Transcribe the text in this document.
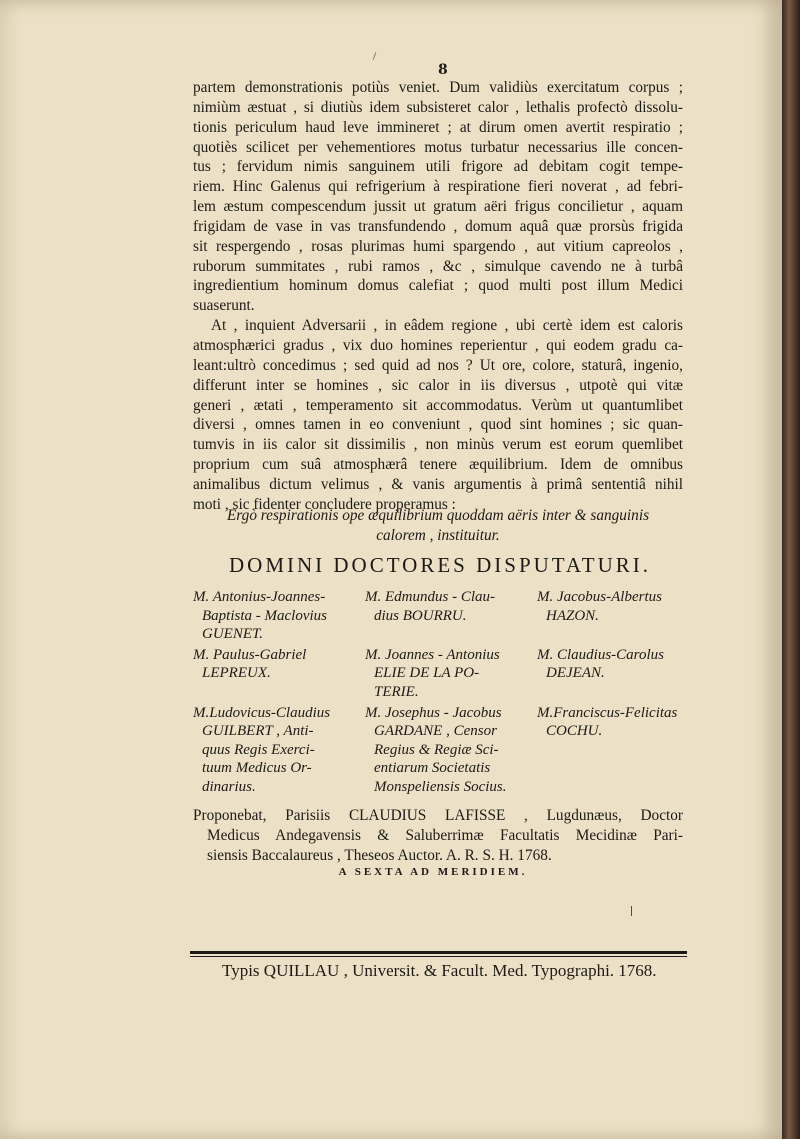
8
partem demonstrationis potiùs veniet. Dum validiùs exercitatum corpus ;
nimiùm æstuat , si diutiùs idem subsisteret calor , lethalis profectò dissolu-
tionis periculum haud leve immineret ; at dirum omen avertit respiratio ;
quotiès scilicet per vehementiores motus turbatur necessarius ille concen-
tus ; fervidum nimis sanguinem utili frigore ad debitam cogit tempe-
riem. Hinc Galenus qui refrigerium à respiratione fieri noverat , ad febri-
lem æstum compescendum jussit ut gratum aëri frigus concilietur , aquam
frigidam de vase in vas transfundendo , domum aquâ quæ prorsùs frigida
sit respergendo , rosas plurimas humi spargendo , aut vitium capreolos ,
ruborum summitates , rubi ramos , &c , simulque cavendo ne à turbâ
ingredientium hominum domus calefiat ; quod multi post illum Medici
suaserunt.
At , inquient Adversarii , in eâdem regione , ubi certè idem est caloris
atmosphærici gradus , vix duo homines reperientur , qui eodem gradu ca-
leant:ultrò concedimus ; sed quid ad nos ? Ut ore, colore, staturâ, ingenio,
differunt inter se homines , sic calor in iis diversus , utpotè qui vitæ
generi , ætati , temperamento sit accommodatus. Verùm ut quantumlibet
diversi , omnes tamen in eo conveniunt , quod sint homines ; sic quan-
tumvis in iis calor sit dissimilis , non minùs verum est eorum quemlibet
proprium cum suâ atmosphærâ tenere æquilibrium. Idem de omnibus
animalibus dictum velimus , & vanis argumentis à primâ sententiâ nihil
moti , sic fidenter concludere properamus :
Ergò respirationis ope æquilibrium quoddam aëris inter & sanguinis
calorem , instituitur.
DOMINI DOCTORES DISPUTATURI.
M. Antonius-Joannes-
Baptista - Maclovius
GUENET.
M. Edmundus - Clau-
dius BOURRU.
M. Jacobus-Albertus
HAZON.
M. Paulus-Gabriel
LEPREUX.
M. Joannes - Antonius
ELIE DE LA PO-
TERIE.
M. Claudius-Carolus
DEJEAN.
M.Ludovicus-Claudius
GUILBERT , Anti-
quus Regis Exerci-
tuum Medicus Or-
dinarius.
M. Josephus - Jacobus
GARDANE , Censor
Regius & Regiæ Sci-
entiarum Societatis
Monspeliensis Socius.
M.Franciscus-Felicitas
COCHU.
Proponebat, Parisiis CLAUDIUS LAFISSE , Lugdunæus, Doctor
Medicus Andegavensis & Saluberrimæ Facultatis Mecidinæ Pari-
siensis Baccalaureus , Theseos Auctor. A. R. S. H. 1768.
A SEXTA AD MERIDIEM.
Typis QUILLAU , Universit. & Facult. Med. Typographi. 1768.
